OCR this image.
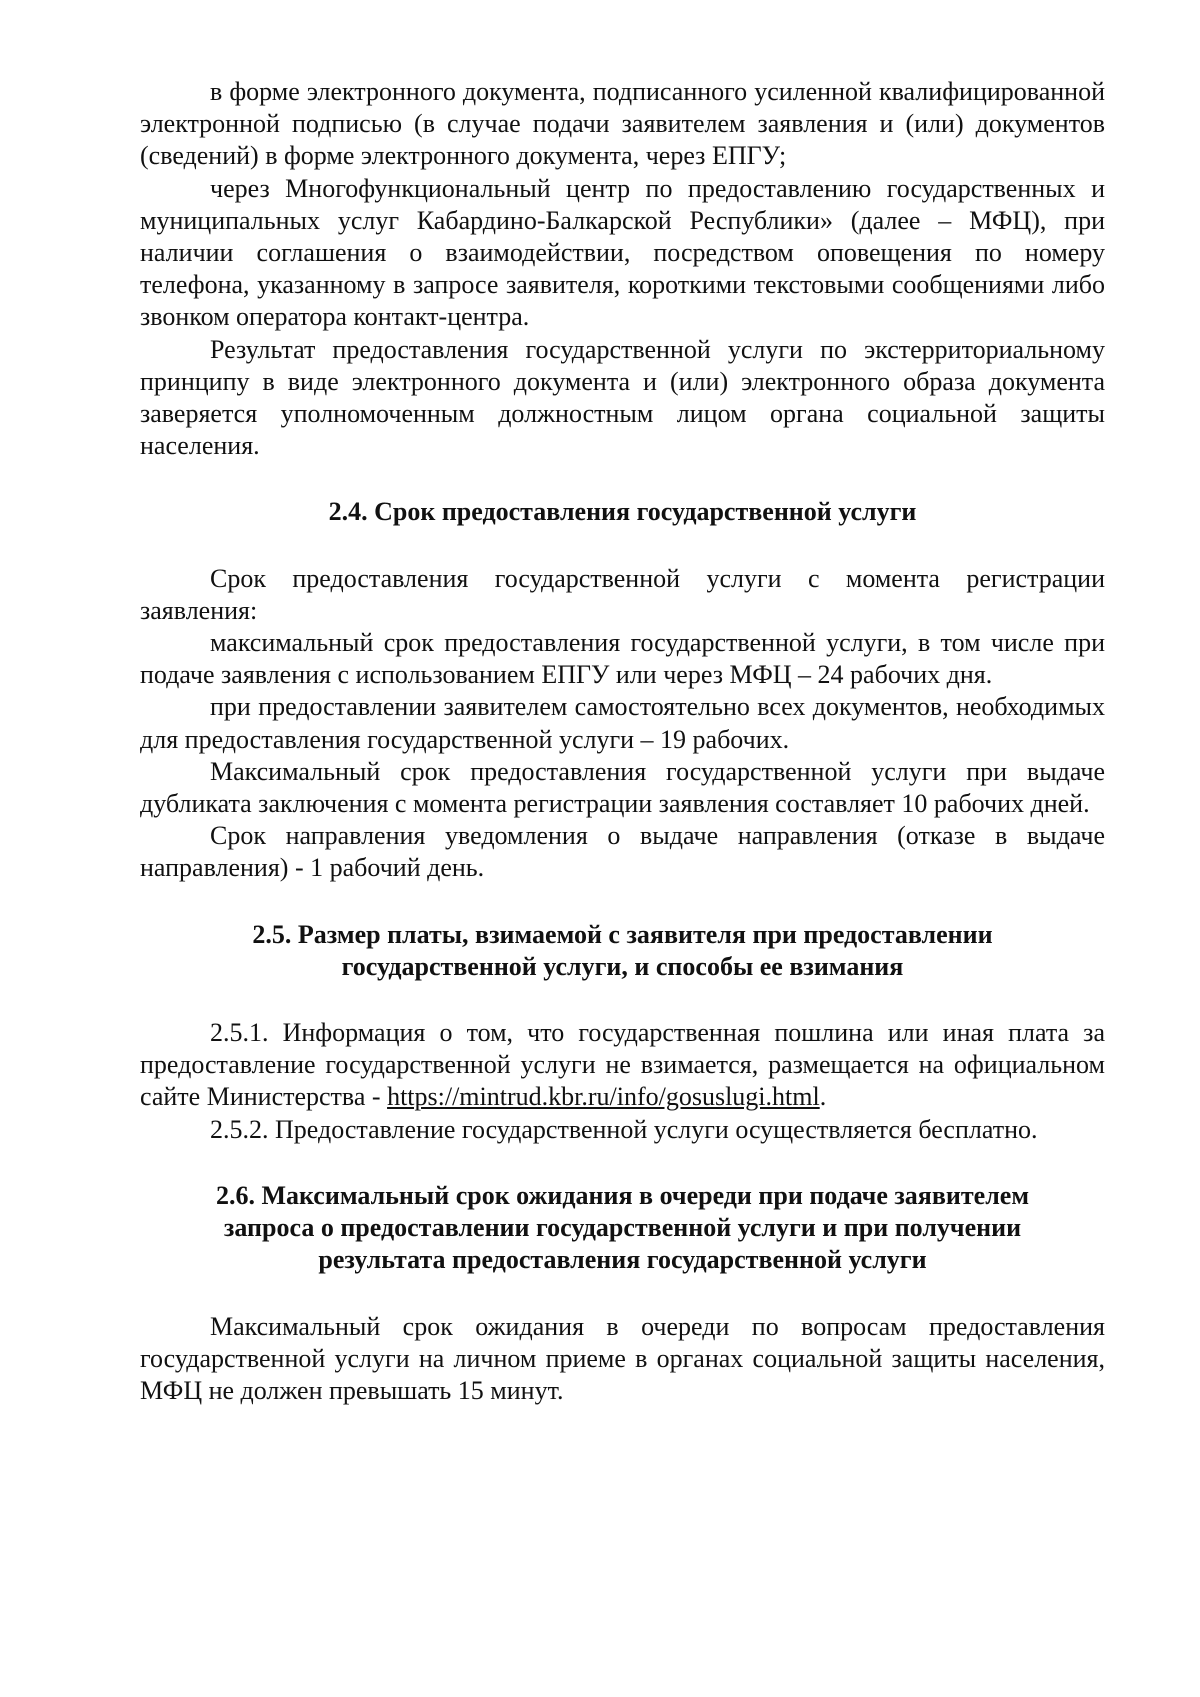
в форме электронного документа, подписанного усиленной квалифицированной электронной подписью (в случае подачи заявителем заявления и (или) документов (сведений) в форме электронного документа, через ЕПГУ;

через Многофункциональный центр по предоставлению государственных и муниципальных услуг Кабардино-Балкарской Республики» (далее – МФЦ), при наличии соглашения о взаимодействии, посредством оповещения по номеру телефона, указанному в запросе заявителя, короткими текстовыми сообщениями либо звонком оператора контакт-центра.

Результат предоставления государственной услуги по экстерриториальному принципу в виде электронного документа и (или) электронного образа документа заверяется уполномоченным должностным лицом органа социальной защиты населения.

2.4. Срок предоставления государственной услуги

Срок предоставления государственной услуги с момента регистрации заявления:

максимальный срок предоставления государственной услуги, в том числе при подаче заявления с использованием ЕПГУ или через МФЦ – 24 рабочих дня.

при предоставлении заявителем самостоятельно всех документов, необходимых для предоставления государственной услуги – 19 рабочих.

Максимальный срок предоставления государственной услуги при выдаче дубликата заключения с момента регистрации заявления составляет 10 рабочих дней.

Срок направления уведомления о выдаче направления (отказе в выдаче направления) - 1 рабочий день.

2.5. Размер платы, взимаемой с заявителя при предоставлении
государственной услуги, и способы ее взимания

2.5.1. Информация о том, что государственная пошлина или иная плата за предоставление государственной услуги не взимается, размещается на официальном сайте Министерства - https://mintrud.kbr.ru/info/gosuslugi.html.

2.5.2. Предоставление государственной услуги осуществляется бесплатно.

2.6. Максимальный срок ожидания в очереди при подаче заявителем
запроса о предоставлении государственной услуги и при получении
результата предоставления государственной услуги

Максимальный срок ожидания в очереди по вопросам предоставления государственной услуги на личном приеме в органах социальной защиты населения, МФЦ не должен превышать 15 минут.
